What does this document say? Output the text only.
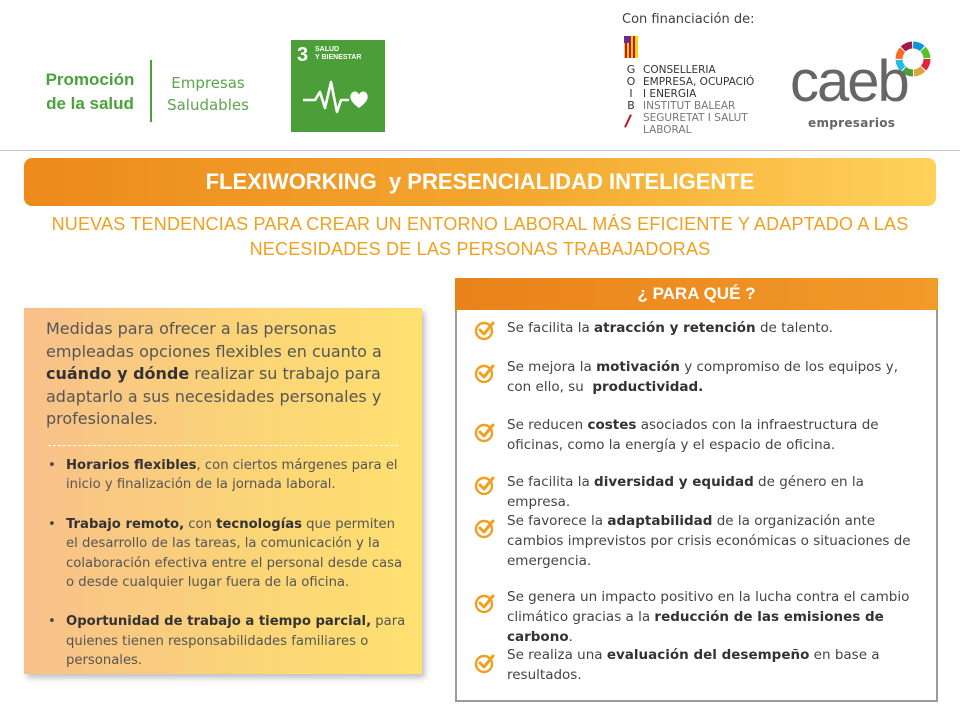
Promoción
de la salud
Empresas
Saludables
3 SALUD
Y BIENESTAR
Con financiación de:
G
O
I
B
CONSELLERIA
EMPRESA, OCUPACIÓ
I ENERGIA
INSTITUT BALEAR
SEGURETAT I SALUT
LABORAL
caeb
empresarios
FLEXIWORKING  y PRESENCIALIDAD INTELIGENTE
NUEVAS TENDENCIAS PARA CREAR UN ENTORNO LABORAL MÁS EFICIENTE Y ADAPTADO A LAS
NECESIDADES DE LAS PERSONAS TRABAJADORAS

Medidas para ofrecer a las personas empleadas opciones flexibles en cuanto a cuándo y dónde realizar su trabajo para adaptarlo a sus necesidades personales y profesionales.

• Horarios flexibles, con ciertos márgenes para el inicio y finalización de la jornada laboral.
• Trabajo remoto, con tecnologías que permiten el desarrollo de las tareas, la comunicación y la colaboración efectiva entre el personal desde casa o desde cualquier lugar fuera de la oficina.
• Oportunidad de trabajo a tiempo parcial, para quienes tienen responsabilidades familiares o personales.
¿ PARA QUÉ ?
Se facilita la atracción y retención de talento.
Se mejora la motivación y compromiso de los equipos y, con ello, su  productividad.
Se reducen costes asociados con la infraestructura de oficinas, como la energía y el espacio de oficina.
Se facilita la diversidad y equidad de género en la empresa.
Se favorece la adaptabilidad de la organización ante cambios imprevistos por crisis económicas o situaciones de emergencia.
Se genera un impacto positivo en la lucha contra el cambio climático gracias a la reducción de las emisiones de carbono.
Se realiza una evaluación del desempeño en base a resultados.
